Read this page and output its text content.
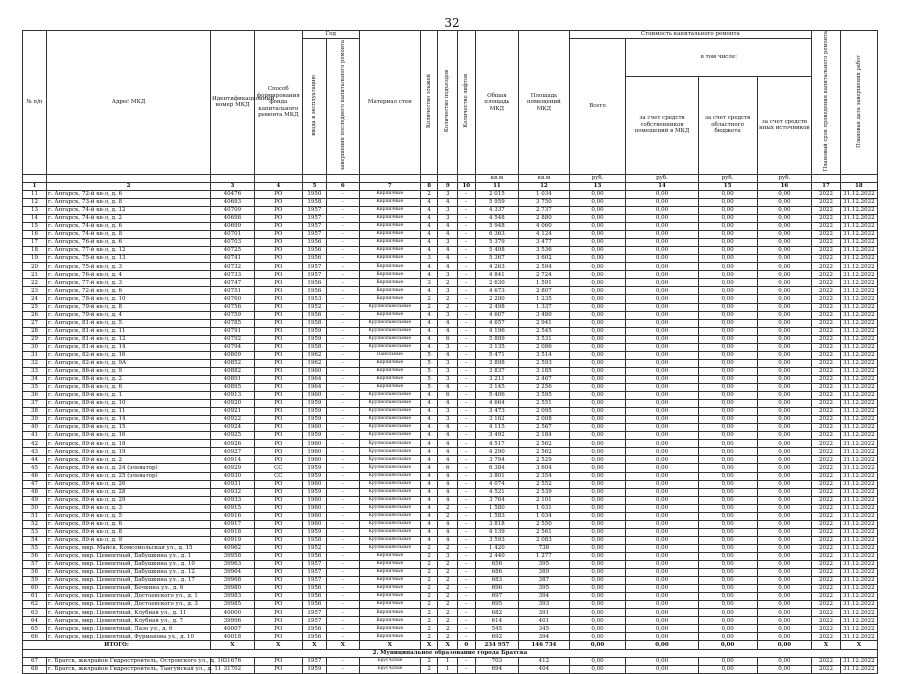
32
№ п/п	Адрес МКД	Идентификационный номер МКД	Способ формирования фонда капитального ремонта МКД	Год		Материал стен	Количество этажей	Количество подъездов	Количество лифтов	Общая площадь МКД	Площадь помещений МКД	Стоимость капитального ремонта				Плановый срок проведения капитального ремонта	Плановая дата завершения работ
				ввода в эксплуатацию	завершения последнего капитального ремонта							Всего	в том числе:				
													за счет средств собственников помещений в МКД	за счет средств областного бюджета	за счет средств иных источников		
										кв.м	кв.м	руб.	руб.	руб.	руб.		
1	2	3	4	5	6	7	8	9	10	11	12	13	14	15	16	17	18
11	г. Ангарск, 72-й кв-л, д. 6	40476	РО	1950	-	Кирпичные	2	3	-	2 015	1 034	0,00	0,00	0,00	0,00	2022	31.12.2022
12	г. Ангарск, 73-й кв-л, д. 8	40693	РО	1958	-	Кирпичные	4	4	-	5 959	3 750	0,00	0,00	0,00	0,00	2022	31.12.2022
13	г. Ангарск, 74-й кв-л, д. 12	40709	РО	1957	-	Кирпичные	4	3	-	4 337	2 737	0,00	0,00	0,00	0,00	2022	31.12.2022
14	г. Ангарск, 74-й кв-л, д. 2	40698	РО	1957	-	Кирпичные	4	3	-	4 548	2 880	0,00	0,00	0,00	0,00	2022	31.12.2022
15	г. Ангарск, 74-й кв-л, д. 6	40699	РО	1957	-	Кирпичные	4	4	-	5 948	4 060	0,00	0,00	0,00	0,00	2022	31.12.2022
16	г. Ангарск, 74-й кв-л, д. 8	40701	РО	1957	-	Кирпичные	4	4	-	6 363	4 124	0,00	0,00	0,00	0,00	2022	31.12.2022
17	г. Ангарск, 76-й кв-л, д. 6	40703	РО	1956	-	Кирпичные	4	3	-	5 379	3 477	0,00	0,00	0,00	0,00	2022	31.12.2022
18	г. Ангарск, 77-й кв-л, д. 12	40725	РО	1956	-	Кирпичные	4	4	-	5 498	3 536	0,00	0,00	0,00	0,00	2022	31.12.2022
19	г. Ангарск, 75-й кв-л, д. 13	40741	РО	1956	-	Кирпичные	3	4	-	5 367	3 602	0,00	0,00	0,00	0,00	2022	31.12.2022
20	г. Ангарск, 75-й кв-л, д. 3	40732	РО	1957	-	Кирпичные	4	4	-	4 263	2 594	0,00	0,00	0,00	0,00	2022	31.12.2022
21	г. Ангарск, 76-й кв-л, д. 4	40733	РО	1957	-	Кирпичные	4	3	-	4 841	2 724	0,00	0,00	0,00	0,00	2022	31.12.2022
22	г. Ангарск, 77-й кв-л, д. 3	40747	РО	1956	-	Кирпичные	3	2	-	2 630	1 591	0,00	0,00	0,00	0,00	2022	31.12.2022
23	г. Ангарск, 72-й кв-л, д. 6	40751	РО	1956	-	Кирпичные	4	3	-	4 673	2 807	0,00	0,00	0,00	0,00	2022	31.12.2022
24	г. Ангарск, 78-й кв-л, д. 10	40760	РО	1953	-	Кирпичные	2	2	-	2 200	1 235	0,00	0,00	0,00	0,00	2022	31.12.2022
25	г. Ангарск, 79-й кв-л, д. 8	40756	РО	1952	-	Крупнопанельные	2	2	-	2 498	1 337	0,00	0,00	0,00	0,00	2022	31.12.2022
26	г. Ангарск, 79-й кв-л, д. 4	40759	РО	1956	-	Кирпичные	4	3	-	4 607	3 480	0,00	0,00	0,00	0,00	2022	31.12.2022
27	г. Ангарск, 81-й кв-л, д. 5	40785	РО	1958	-	Крупнопанельные	4	4	-	4 657	2 941	0,00	0,00	0,00	0,00	2022	31.12.2022
28	г. Ангарск, 81-й кв-л, д. 11	40791	РО	1959	-	Крупнопанельные	4	4	-	4 196	2 545	0,00	0,00	0,00	0,00	2022	31.12.2022
29	г. Ангарск, 81-й кв-л, д. 12	40792	РО	1959	-	Крупнопанельные	4	6	-	5 889	3 531	0,00	0,00	0,00	0,00	2022	31.12.2022
30	г. Ангарск, 81-й кв-л, д. 14	40794	РО	1958	-	Крупнопанельные	4	3	-	3 135	2 086	0,00	0,00	0,00	0,00	2022	31.12.2022
31	г. Ангарск, 82-й кв-л, д. 16	40809	РО	1962	-	Панельные	5	4	-	5 471	3 514	0,00	0,00	0,00	0,00	2022	31.12.2022
32	г. Ангарск, 82-й кв-л, д. 9А	40852	РО	1962	-	Кирпичные	5	3	-	3 898	2 593	0,00	0,00	0,00	0,00	2022	31.12.2022
33	г. Ангарск, 86-й кв-л, д. 9	40882	РО	1960	-	Кирпичные	5	3	-	3 837	3 185	0,00	0,00	0,00	0,00	2022	31.12.2022
34	г. Ангарск, 88-й кв-л, д. 2	40891	РО	1964	-	Кирпичные	5	3	-	3 211	2 467	0,00	0,00	0,00	0,00	2022	31.12.2022
35	г. Ангарск, 88-й кв-л, д. 6	40895	РО	1964	-	Кирпичные	5	4	-	3 145	2 256	0,00	0,00	0,00	0,00	2022	31.12.2022
36	г. Ангарск, 89-й кв-л, д. 1	40913	РО	1960	-	Крупнопанельные	4	6	-	5 406	3 595	0,00	0,00	0,00	0,00	2022	31.12.2022
37	г. Ангарск, 89-й кв-л, д. 10	40920	РО	1959	-	Крупнопанельные	4	4	-	4 664	2 551	0,00	0,00	0,00	0,00	2022	31.12.2022
38	г. Ангарск, 89-й кв-л, д. 11	40921	РО	1959	-	Крупнопанельные	4	3	-	3 473	2 095	0,00	0,00	0,00	0,00	2022	31.12.2022
39	г. Ангарск, 89-й кв-л, д. 14	40922	РО	1959	-	Крупнопанельные	4	3	-	3 162	2 008	0,00	0,00	0,00	0,00	2022	31.12.2022
40	г. Ангарск, 89-й кв-л, д. 15	40924	РО	1960	-	Крупнопанельные	4	4	-	4 115	2 567	0,00	0,00	0,00	0,00	2022	31.12.2022
41	г. Ангарск, 89-й кв-л, д. 16	40925	РО	1959	-	Крупнопанельные	4	4	-	3 492	2 184	0,00	0,00	0,00	0,00	2022	31.12.2022
42	г. Ангарск, 89-й кв-л, д. 18	40926	РО	1960	-	Крупнопанельные	4	4	-	4 517	2 562	0,00	0,00	0,00	0,00	2022	31.12.2022
43	г. Ангарск, 89-й кв-л, д. 19	40927	РО	1960	-	Крупнопанельные	4	4	-	4 290	2 562	0,00	0,00	0,00	0,00	2022	31.12.2022
44	г. Ангарск, 89-й кв-л, д. 2	40914	РО	1960	-	Крупнопанельные	4	4	-	3 794	2 529	0,00	0,00	0,00	0,00	2022	31.12.2022
45	г. Ангарск, 89-й кв-л, д. 24 (элеватор)	40929	СС	1959	-	Крупнопанельные	4	6	-	6 384	3 604	0,00	0,00	0,00	0,00	2022	31.12.2022
46	г. Ангарск, 89-й кв-л, д. 25 (элеватор)	40930	СС	1959	-	Крупнопанельные	4	4	-	3 801	2 354	0,00	0,00	0,00	0,00	2022	31.12.2022
47	г. Ангарск, 89-й кв-л, д. 26	40931	РО	1960	-	Крупнопанельные	4	4	-	4 074	2 552	0,00	0,00	0,00	0,00	2022	31.12.2022
48	г. Ангарск, 89-й кв-л, д. 28	40932	РО	1959	-	Крупнопанельные	4	4	-	4 521	2 539	0,00	0,00	0,00	0,00	2022	31.12.2022
49	г. Ангарск, 89-й кв-л, д. 29	40933	РО	1960	-	Крупнопанельные	4	4	-	3 764	2 101	0,00	0,00	0,00	0,00	2022	31.12.2022
50	г. Ангарск, 89-й кв-л, д. 3	40915	РО	1960	-	Крупнопанельные	4	2	-	1 580	1 031	0,00	0,00	0,00	0,00	2022	31.12.2022
51	г. Ангарск, 89-й кв-л, д. 5	40916	РО	1960	-	Крупнопанельные	4	2	-	1 583	1 034	0,00	0,00	0,00	0,00	2022	31.12.2022
52	г. Ангарск, 89-й кв-л, д. 6	40917	РО	1960	-	Крупнопанельные	4	4	-	3 818	2 550	0,00	0,00	0,00	0,00	2022	31.12.2022
53	г. Ангарск, 89-й кв-л, д. 8	40918	РО	1959	-	Крупнопанельные	4	4	-	4 139	2 561	0,00	0,00	0,00	0,00	2022	31.12.2022
54	г. Ангарск, 89-й кв-л, д. 9	40919	РО	1958	-	Крупнопанельные	4	4	-	3 593	2 083	0,00	0,00	0,00	0,00	2022	31.12.2022
55	г. Ангарск, мкр. Майск, Комсомольская ул., д. 15	40962	РО	1952	-	Крупнопанельные	2	2	-	1 420	738	0,00	0,00	0,00	0,00	2022	31.12.2022
56	г. Ангарск, мкр. Цементный, Бабушкина ул., д. 1	39958	РО	1956	-	Кирпичные	2	3	-	2 440	1 277	0,00	0,00	0,00	0,00	2022	31.12.2022
57	г. Ангарск, мкр. Цементный, Бабушкина ул., д. 10	39963	РО	1957	-	Кирпичные	2	2	-	656	395	0,00	0,00	0,00	0,00	2022	31.12.2022
58	г. Ангарск, мкр. Цементный, Бабушкина ул., д. 12	39964	РО	1957	-	Кирпичные	2	2	-	686	389	0,00	0,00	0,00	0,00	2022	31.12.2022
59	г. Ангарск, мкр. Цементный, Бабушкина ул., д. 17	39968	РО	1957	-	Кирпичные	2	2	-	683	387	0,00	0,00	0,00	0,00	2022	31.12.2022
60	г. Ангарск, мкр. Цементный, Бочкина ул., д. 6	39980	РО	1956	-	Кирпичные	2	2	-	696	395	0,00	0,00	0,00	0,00	2022	31.12.2022
61	г. Ангарск, мкр. Цементный, Достоевского ул., д. 1	39983	РО	1956	-	Кирпичные	2	2	-	697	394	0,00	0,00	0,00	0,00	2022	31.12.2022
62	г. Ангарск, мкр. Цементный, Достоевского ул., д. 3	39985	РО	1956	-	Кирпичные	2	2	-	695	393	0,00	0,00	0,00	0,00	2022	31.12.2022
63	г. Ангарск, мкр. Цементный, Клубная ул., д. 11	40000	РО	1957	-	Кирпичные	2	2	-	682	391	0,00	0,00	0,00	0,00	2022	31.12.2022
64	г. Ангарск, мкр. Цементный, Клубная ул., д. 7	39996	РО	1957	-	Кирпичные	2	2	-	614	401	0,00	0,00	0,00	0,00	2022	31.12.2022
65	г. Ангарск, мкр. Цементный, Лазо ул., д. 6	40007	РО	1956	-	Кирпичные	2	2	-	545	345	0,00	0,00	0,00	0,00	2022	31.12.2022
66	г. Ангарск, мкр. Цементный, Фурманова ул., д. 10	40018	РО	1956	-	Кирпичные	2	2	-	692	394	0,00	0,00	0,00	0,00	2022	31.12.2022
ИТОГО:		X	X	X	X	X	X	X	0	234 957	146 734	0,00	0,00	0,00	0,00	X	X
2. Муниципальное образование города Братска																	
67	г. Братск, жилрайон Гидростроитель, Островского ул., д. 10	31676	РО	1957	-	Брусчатые	2	1	-	703	412	0,00	0,00	0,00	0,00	2022	31.12.2022
68	г. Братск, жилрайон Гидростроитель, Тангуйская ул., д. 11	31702	РО	1959	-	Брусчатые	2	1	-	694	404	0,00	0,00	0,00	0,00	2022	31.12.2022
